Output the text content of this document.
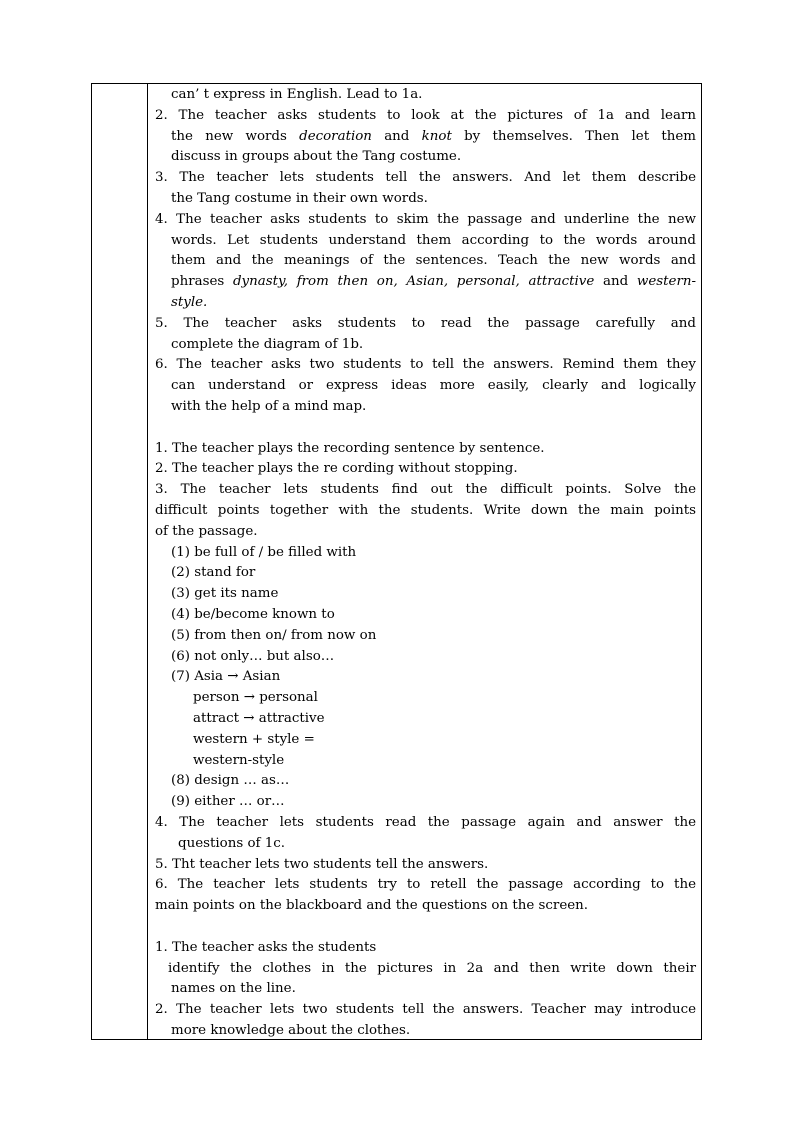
can’ t express in English. Lead to 1a.
2. The teacher asks students to look at the pictures of 1a and learn
the new words decoration and knot by themselves. Then let them
discuss in groups about the Tang costume.
3. The teacher lets students tell the answers. And let them describe
the Tang costume in their own words.
4. The teacher asks students to skim the passage and underline the new
words. Let students understand them according to the words around
them and the meanings of the sentences. Teach the new words and
phrases dynasty, from then on, Asian, personal, attractive and western-
style.
5. The teacher asks students to read the passage carefully and
complete the diagram of 1b.
6. The teacher asks two students to tell the answers. Remind them they
can understand or express ideas more easily, clearly and logically
with the help of a mind map.
1. The teacher plays the recording sentence by sentence.
2. The teacher plays the re cording without stopping.
3. The teacher lets students find out the difficult points. Solve the
difficult points together with the students. Write down the main points
of the passage.
(1) be full of / be filled with
(2) stand for
(3) get its name
(4) be/become known to
(5) from then on/ from now on
(6) not only… but also…
(7) Asia → Asian
person → personal
attract → attractive
western + style =
western-style
(8) design … as…
(9) either … or…
4. The teacher lets students read the passage again and answer the
questions of 1c.
5. Tht teacher lets two students tell the answers.
6. The teacher lets students try to retell the passage according to the
main points on the blackboard and the questions on the screen.
1. The teacher asks the students
identify the clothes in the pictures in 2a and then write down their
names on the line.
2. The teacher lets two students tell the answers. Teacher may introduce
more knowledge about the clothes.
